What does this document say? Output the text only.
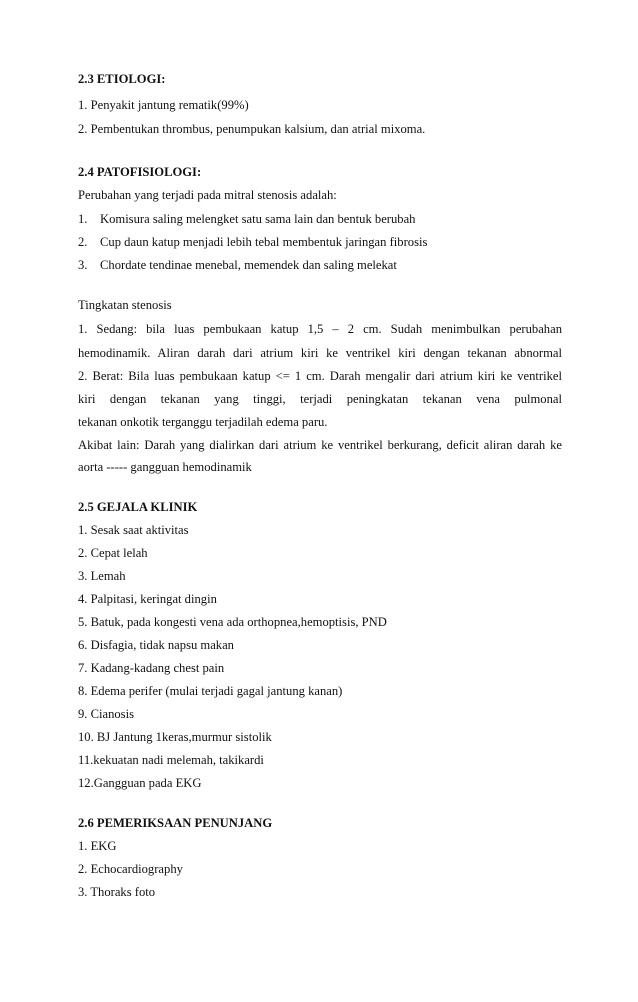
2.3 ETIOLOGI:
1. Penyakit jantung rematik(99%)
2. Pembentukan thrombus, penumpukan kalsium, dan atrial mixoma.
2.4 PATOFISIOLOGI:
Perubahan yang terjadi pada mitral stenosis adalah:
1. Komisura saling melengket satu sama lain dan bentuk berubah
2. Cup daun katup menjadi lebih tebal membentuk jaringan fibrosis
3. Chordate tendinae menebal, memendek dan saling melekat
Tingkatan stenosis
1. Sedang: bila luas pembukaan katup 1,5 – 2 cm. Sudah menimbulkan perubahan
hemodinamik. Aliran darah dari atrium kiri ke ventrikel kiri dengan tekanan abnormal
2. Berat: Bila luas pembukaan katup <= 1 cm. Darah mengalir dari atrium kiri ke ventrikel
kiri dengan tekanan yang tinggi, terjadi peningkatan tekanan vena pulmonal
tekanan onkotik terganggu terjadilah edema paru.
Akibat lain: Darah yang dialirkan dari atrium ke ventrikel berkurang, deficit aliran darah ke
aorta ----- gangguan hemodinamik
2.5 GEJALA KLINIK
1. Sesak saat aktivitas
2. Cepat lelah
3. Lemah
4. Palpitasi, keringat dingin
5. Batuk, pada kongesti vena ada orthopnea,hemoptisis, PND
6. Disfagia, tidak napsu makan
7. Kadang-kadang chest pain
8. Edema perifer (mulai terjadi gagal jantung kanan)
9. Cianosis
10. BJ Jantung 1keras,murmur sistolik
11.kekuatan nadi melemah, takikardi
12.Gangguan pada EKG
2.6 PEMERIKSAAN PENUNJANG
1. EKG
2. Echocardiography
3. Thoraks foto
